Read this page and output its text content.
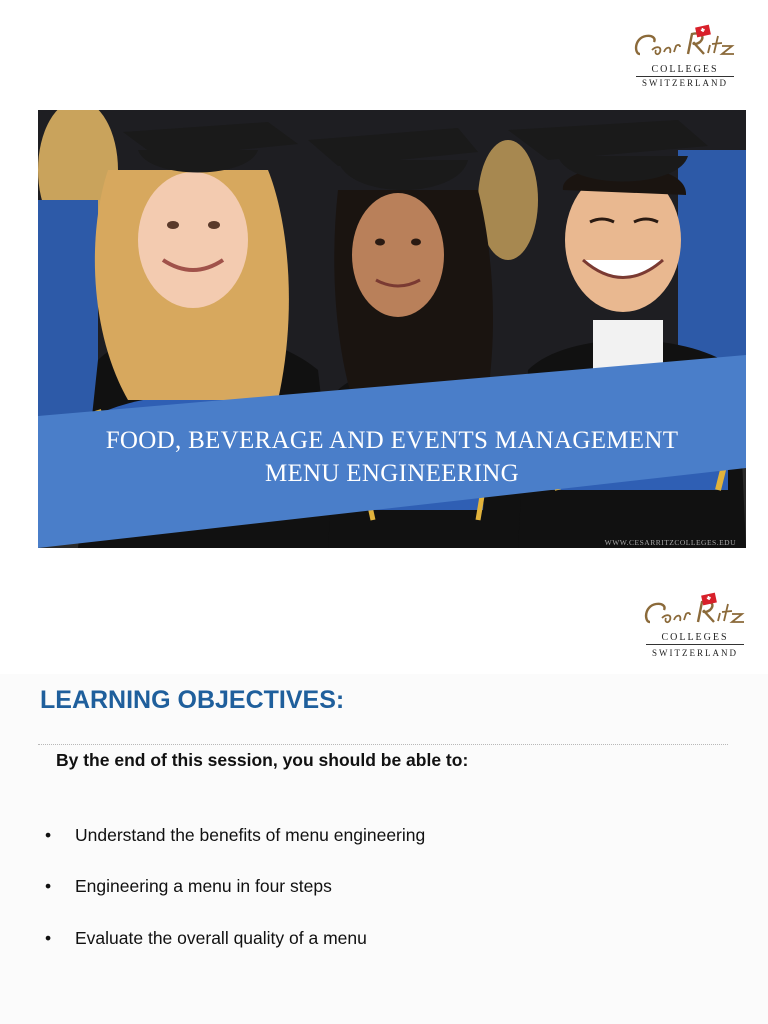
COLLEGES
SWITZERLAND
FOOD, BEVERAGE AND EVENTS MANAGEMENT
MENU ENGINEERING
WWW.CESARRITZCOLLEGES.EDU
COLLEGES
SWITZERLAND
LEARNING OBJECTIVES:
By the end of this session, you should be able to:
• Understand the benefits of menu engineering
• Engineering a menu in four steps
• Evaluate the overall quality of a menu
